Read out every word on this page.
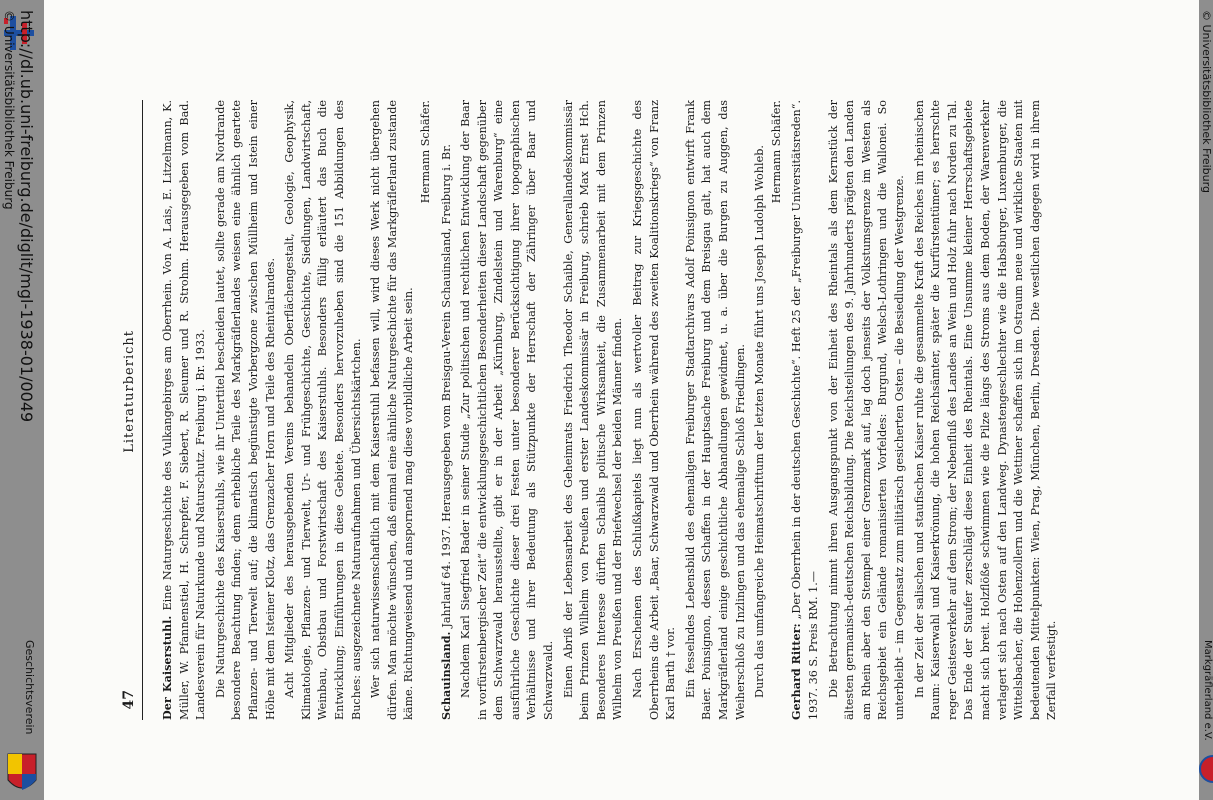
http://dl.ub.uni-freiburg.de/diglit/mgl-1938-01/0049
© Universitätsbibliothek Freiburg
Geschichtsverein
© Universitätsbibliothek Freiburg
Markgräflerland e.V.
Literaturbericht
47 Der Kaiserstuhl. Eine Naturgeschichte des Vulkangebirges am Oberrhein. Von A. Lais, E. Litzelmann, K. Müller, W. Pfannenstiel, H. Schrepfer, F. Siebert, R. Sleumer und R. Strohm. Herausgegeben vom Bad. Landesverein für Naturkunde und Naturschutz. Freiburg i. Br. 1933. Die Naturgeschichte des Kaiserstuhls, wie ihr Untertitel bescheiden lautet, sollte gerade am Nordrande besondere Beachtung finden; denn erhebliche Teile des Markgräflerlandes weisen eine ähnlich geartete Pflanzen- und Tierwelt auf; die klimatisch begünstigte Vorbergzone zwischen Müllheim und Istein einer Höhe mit dem Isteiner Klotz, das Grenzacher Horn und Teile des Rheintalrandes. Acht Mitglieder des herausgebenden Vereins behandeln Oberflächengestalt, Geologie, Geophysik, Klimatologie, Pflanzen- und Tierwelt, Ur- und Frühgeschichte, Geschichte, Siedlungen, Landwirtschaft, Weinbau, Obstbau und Forstwirtschaft des Kaiserstuhls. Besonders füllig erläutert das Buch die Entwicklung; Einführungen in diese Gebiete. Besonders hervorzuheben sind die 151 Abbildungen des Buches: ausgezeichnete Naturaufnahmen und Übersichtskärtchen. Wer sich naturwissenschaftlich mit dem Kaiserstuhl befassen will, wird dieses Werk nicht übergehen dürfen. Man möchte wünschen, daß einmal eine ähnliche Naturgeschichte für das Markgräflerland zustande käme. Richtungweisend und anspornend mag diese vorbildliche Arbeit sein.
Hermann Schäfer.

Schauinsland. Jahrlauf 64. 1937. Herausgegeben vom Breisgau-Verein Schauinsland, Freiburg i. Br. Nachdem Karl Siegfried Bader in seiner Studie „Zur politischen und rechtlichen Entwicklung der Baar in vorfürstenbergischer Zeit“ die entwicklungsgeschichtlichen Besonderheiten dieser Landschaft gegenüber dem Schwarzwald herausstellte, gibt er in der Arbeit „Kürnburg, Zindelstein und Warenburg“ eine ausführliche Geschichte dieser drei Festen unter besonderer Berücksichtigung ihrer topographischen Verhältnisse und ihrer Bedeutung als Stützpunkte der Herrschaft der Zähringer über Baar und Schwarzwald. Einen Abriß der Lebensarbeit des Geheimrats Friedrich Theodor Schaible, Generallandeskommissär beim Prinzen Wilhelm von Preußen und erster Landeskommissär in Freiburg, schrieb Max Ernst Hch. Besonderes Interesse dürften Schaibls politische Wirksamkeit, die Zusammenarbeit mit dem Prinzen Wilhelm von Preußen und der Briefwechsel der beiden Männer finden. Nach Erscheinen des Schlußkapitels liegt nun als wertvoller Beitrag zur Kriegsgeschichte des Oberrheins die Arbeit „Baar, Schwarzwald und Oberrhein während des zweiten Koalitionskriegs“ von Franz Karl Barth † vor. Ein fesselndes Lebensbild des ehemaligen Freiburger Stadtarchivars Adolf Poinsignon entwirft Frank Baier. Poinsignon, dessen Schaffen in der Hauptsache Freiburg und dem Breisgau galt, hat auch dem Markgräflerland einige geschichtliche Abhandlungen gewidmet, u. a. über die Burgen zu Auggen, das Weiherschloß zu Inzlingen und das ehemalige Schloß Friedlingen. Durch das umfangreiche Heimatschrifttum der letzten Monate führt uns Joseph Ludolph Wohleb. Hermann Schäfer.

Gerhard Ritter: „Der Oberrhein in der deutschen Geschichte“. Heft 25 der „Freiburger Universitätsreden“. 1937. 36 S. Preis RM. 1.— Die Betrachtung nimmt ihren Ausgangspunkt von der Einheit des Rheintals als dem Kernstück der ältesten germanisch-deutschen Reichsbildung. Die Reichsteilungen des 9. Jahrhunderts prägten den Landen am Rhein aber den Stempel einer Grenzmark auf, lag doch jenseits der Volkstumsgrenze im Westen als Reichsgebiet ein Gelände romanisierten Vorfeldes: Burgund, Welsch-Lothringen und die Wallonei. So unterbleibt – im Gegensatz zum militärisch gesicherten Osten – die Besiedlung der Westgrenze. In der Zeit der salischen und staufischen Kaiser ruhte die gesammelte Kraft des Reiches im rheinischen Raum: Kaiserwahl und Kaiserkrönung, die hohen Reichsämter, später die Kurfürstentümer; es herrschte reger Geistesverkehr auf dem Strom; der Nebenfluß des Landes an Wein und Holz fuhr nach Norden zu Tal. Das Ende der Staufer zerschlägt diese Einheit des Rheintals. Eine Unsumme kleiner Herrschaftsgebiete macht sich breit. Holzflöße schwimmen wie die Pilze längs des Stroms aus dem Boden, der Warenverkehr verlagert sich nach Osten auf den Landweg. Dynastengeschlechter wie die Habsburger, Luxemburger, die Wittelsbacher, die Hohenzollern und die Wettiner schaffen sich im Ostraum neue und wirkliche Staaten mit bedeutenden Mittelpunkten: Wien, Prag, München, Berlin, Dresden. Die westlichen dagegen wird in ihrem Zerfall verfestigt.
